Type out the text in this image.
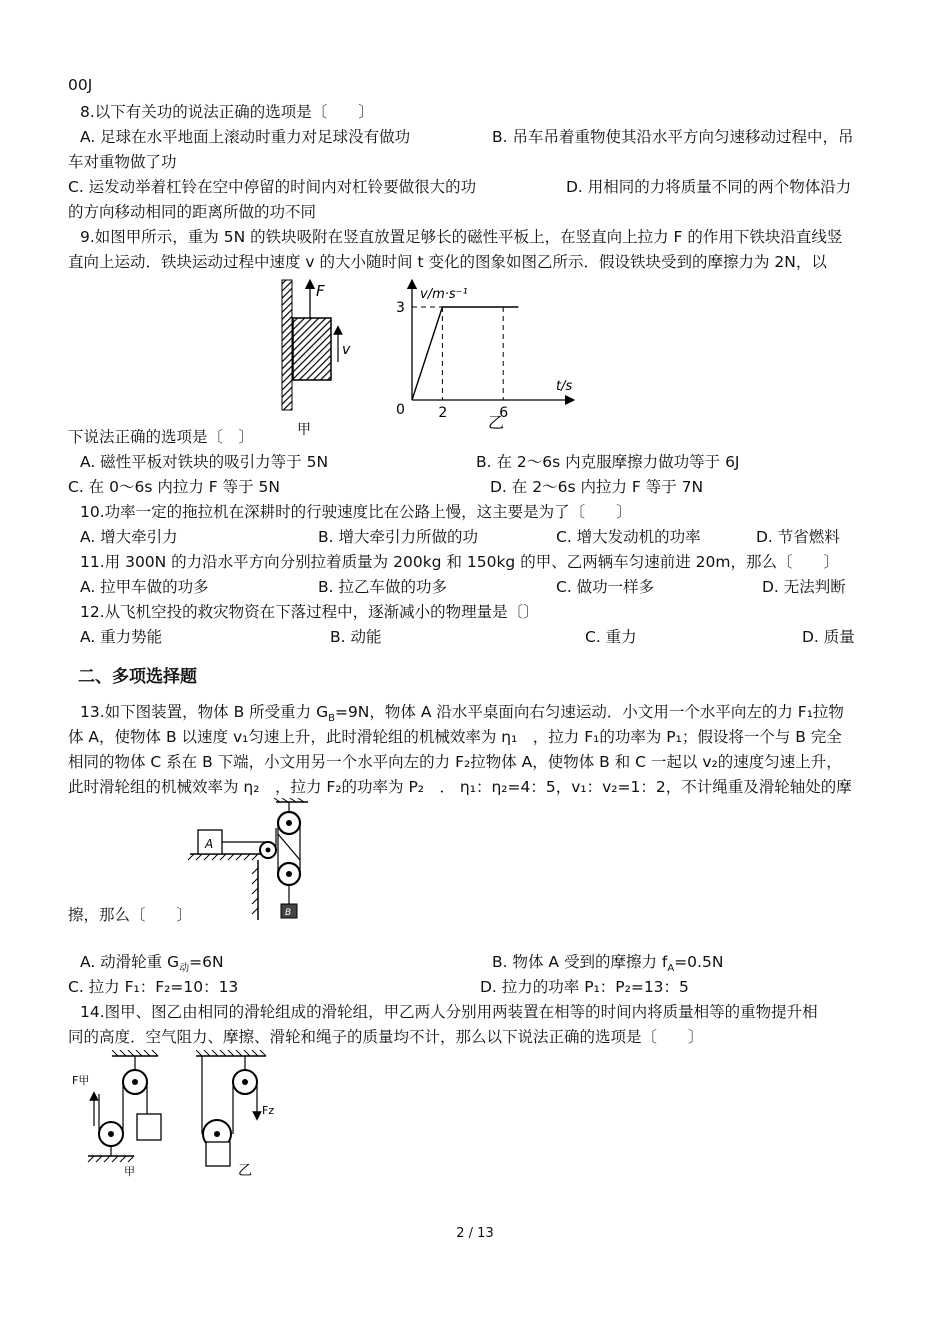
00J
8.以下有关功的说法正确的选项是〔　　〕
A. 足球在水平地面上滚动时重力对足球没有做功	B. 吊车吊着重物使其沿水平方向匀速移动过程中，吊
车对重物做了功
C. 运发动举着杠铃在空中停留的时间内对杠铃要做很大的功	D. 用相同的力将质量不同的两个物体沿力
的方向移动相同的距离所做的功不同
9.如图甲所示，重为 5N 的铁块吸附在竖直放置足够长的磁性平板上，在竖直向上拉力 F 的作用下铁块沿直线竖
直向上运动．铁块运动过程中速度 v 的大小随时间 t 变化的图象如图乙所示．假设铁块受到的摩擦力为 2N，以
F
v
甲
v/m·s⁻¹
t/s
0
3
2	6
乙
下说法正确的选项是〔　〕
A. 磁性平板对铁块的吸引力等于 5N	B. 在 2～6s 内克服摩擦力做功等于 6J
C. 在 0～6s 内拉力 F 等于 5N	D. 在 2～6s 内拉力 F 等于 7N
10.功率一定的拖拉机在深耕时的行驶速度比在公路上慢，这主要是为了〔　　〕
A. 增大牵引力	B. 增大牵引力所做的功	C. 增大发动机的功率	D. 节省燃料
11.用 300N 的力沿水平方向分别拉着质量为 200kg 和 150kg 的甲、乙两辆车匀速前进 20m，那么〔　　〕
A. 拉甲车做的功多	B. 拉乙车做的功多	C. 做功一样多	D. 无法判断
12.从飞机空投的救灾物资在下落过程中，逐渐减小的物理量是〔〕
A. 重力势能	B. 动能	C. 重力	D. 质量
二、多项选择题
13.如下图装置，物体 B 所受重力 $G_B=9N$，物体 A 沿水平桌面向右匀速运动．小文用一个水平向左的力 F₁拉物
体 A，使物体 B 以速度 v₁匀速上升，此时滑轮组的机械效率为 η₁　，拉力 F₁的功率为 P₁；假设将一个与 B 完全
相同的物体 C 系在 B 下端，小文用另一个水平向左的力 F₂拉物体 A，使物体 B 和 C 一起以 v₂的速度匀速上升，
此时滑轮组的机械效率为 η₂　，拉力 F₂的功率为 P₂　． η₁：η₂=4：5，v₁：v₂=1：2，不计绳重及滑轮轴处的摩
A
B
擦，那么〔　　〕
A. 动滑轮重 $G_动=6N$	B. 物体 A 受到的摩擦力 $f_A=0.5N$
C. 拉力 F₁：F₂=10：13	D. 拉力的功率 P₁：P₂=13：5
14.图甲、图乙由相同的滑轮组成的滑轮组，甲乙两人分别用两装置在相等的时间内将质量相等的重物提升相
同的高度．空气阻力、摩擦、滑轮和绳子的质量均不计，那么以下说法正确的选项是〔　　〕
F甲
甲
Fz
乙
2 / 13
